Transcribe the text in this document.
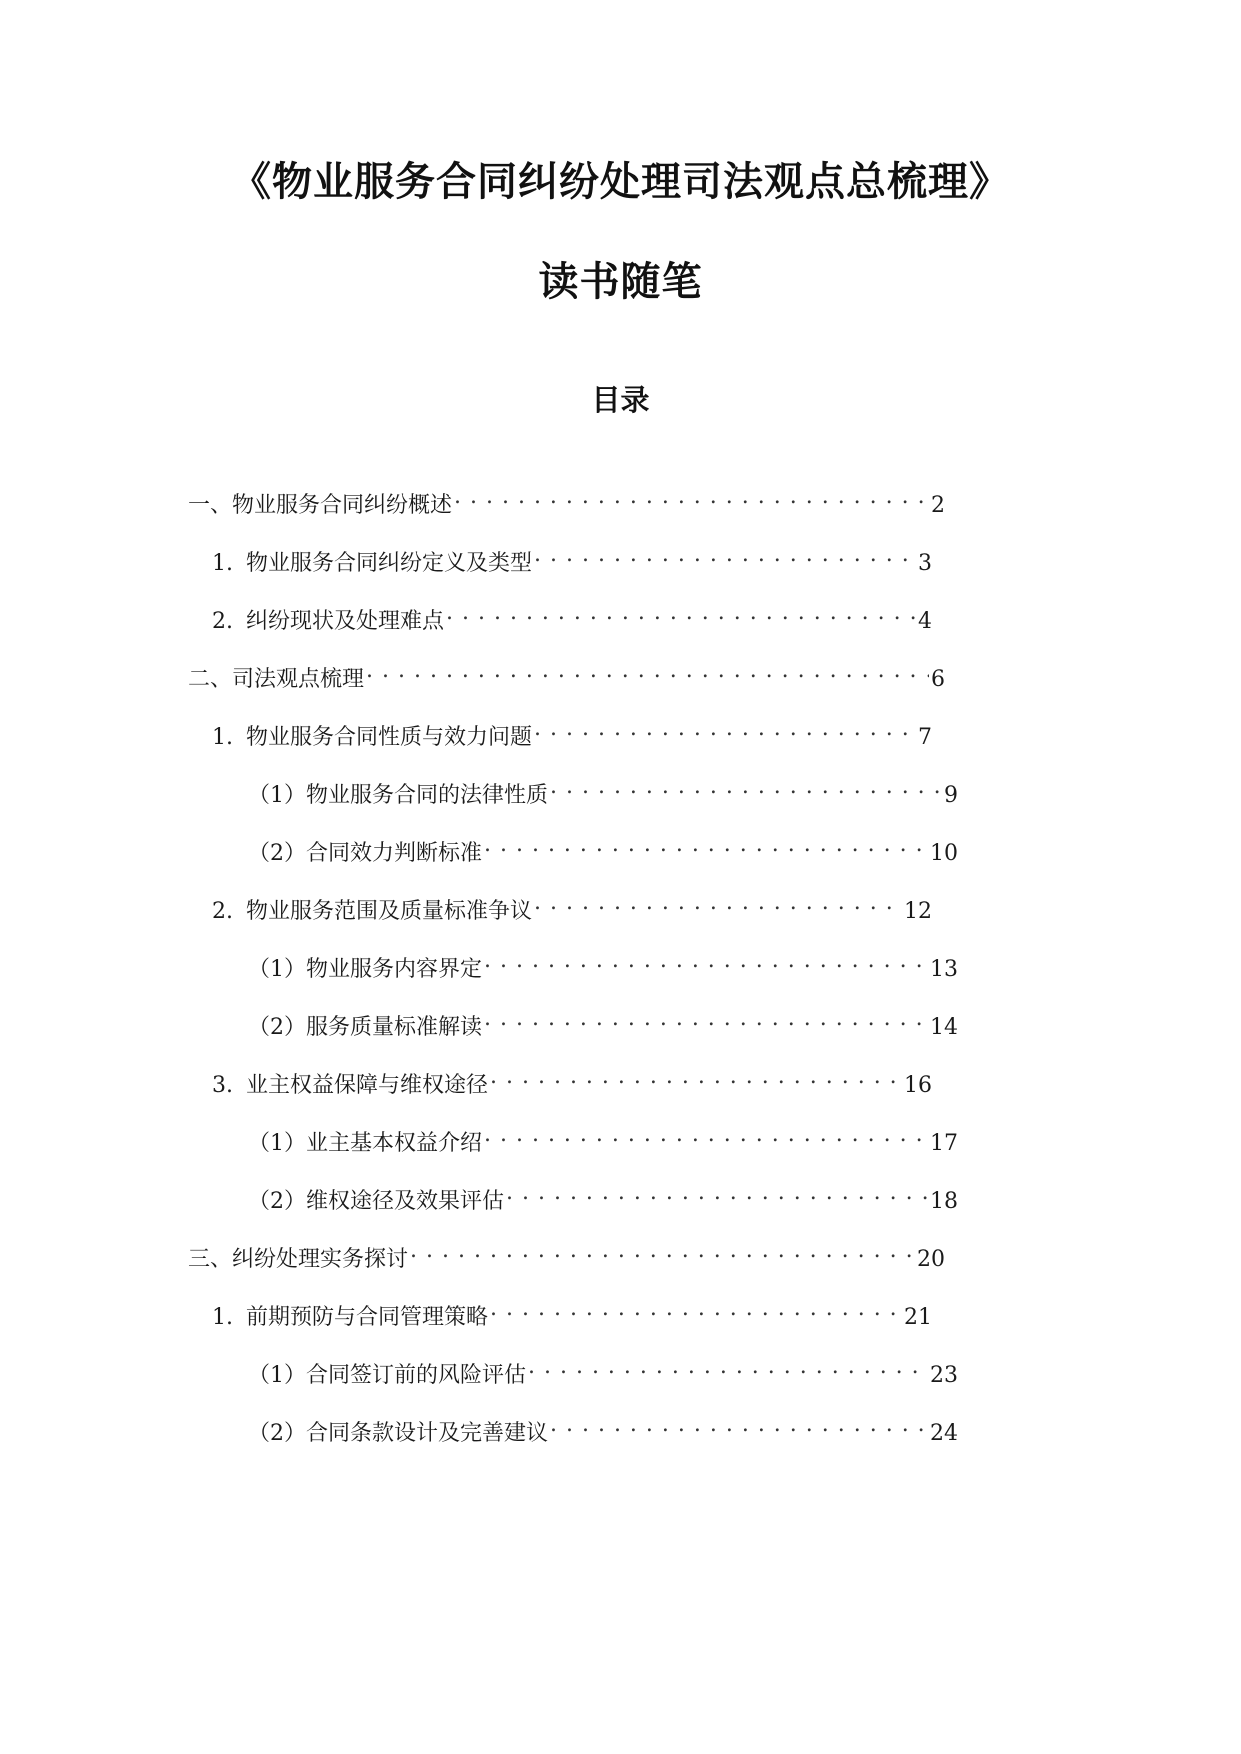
《物业服务合同纠纷处理司法观点总梳理》
读书随笔
目录
一、物业服务合同纠纷概述 . . .	2
1. 物业服务合同纠纷定义及类型 . . .	3
2. 纠纷现状及处理难点 . . .	4
二、司法观点梳理 . . .	6
1. 物业服务合同性质与效力问题 . . .	7
（1）物业服务合同的法律性质 . . .	9
（2）合同效力判断标准 . . .	10
2. 物业服务范围及质量标准争议 . . .	12
（1）物业服务内容界定 . . .	13
（2）服务质量标准解读 . . .	14
3. 业主权益保障与维权途径 . . .	16
（1）业主基本权益介绍 . . .	17
（2）维权途径及效果评估 . . .	18
三、纠纷处理实务探讨 . . .	20
1. 前期预防与合同管理策略 . . .	21
（1）合同签订前的风险评估 . . .	23
（2）合同条款设计及完善建议 . . .	24
